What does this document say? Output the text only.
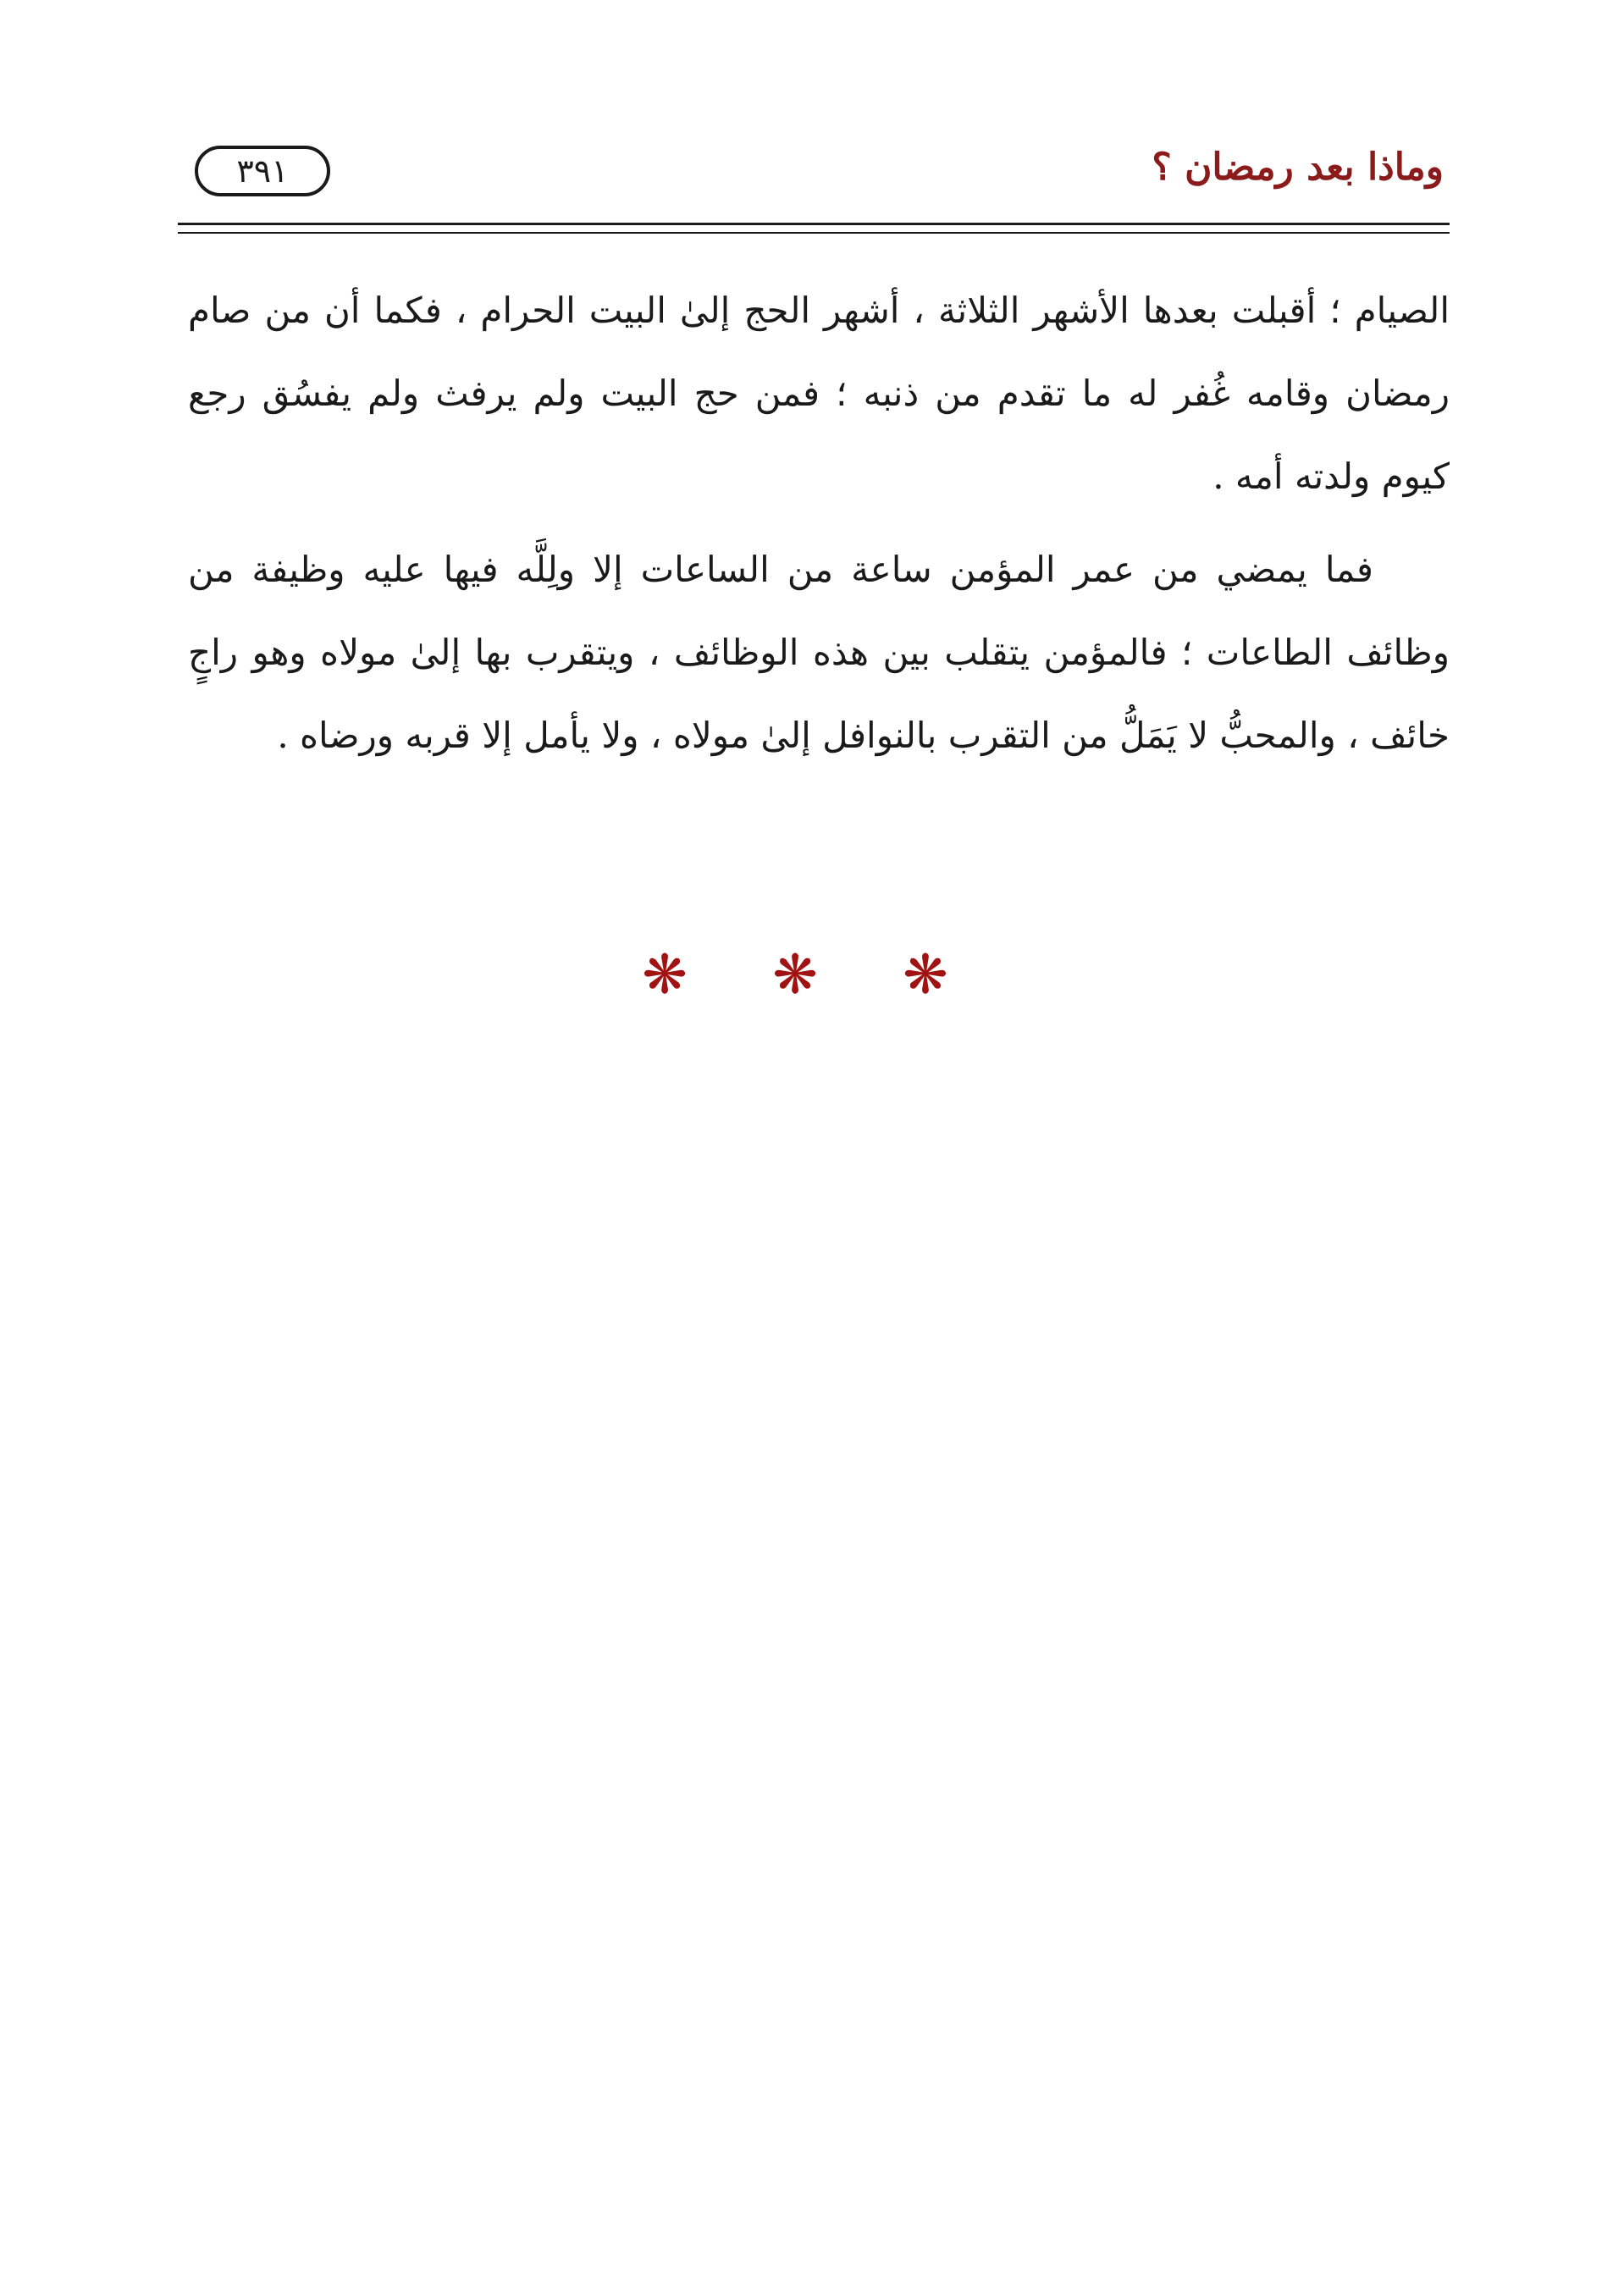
وماذا بعد رمضان ؟
٣٩١

الصيام ؛ أقبلت بعدها الأشهر الثلاثة ، أشهر الحج إلىٰ البيت الحرام ، فكما أن من صام رمضان وقامه غُفر له ما تقدم من ذنبه ؛ فمن حج البيت ولم يرفث ولم يفسُق رجع كيوم ولدته أمه .

فما يمضي من عمر المؤمن ساعة من الساعات إلا ولِلَّه فيها عليه وظيفة من وظائف الطاعات ؛ فالمؤمن يتقلب بين هذه الوظائف ، ويتقرب بها إلىٰ مولاه وهو راجٍ خائف ، والمحبُّ لا يَمَلُّ من التقرب بالنوافل إلىٰ مولاه ، ولا يأمل إلا قربه ورضاه .

❋ ❋ ❋
